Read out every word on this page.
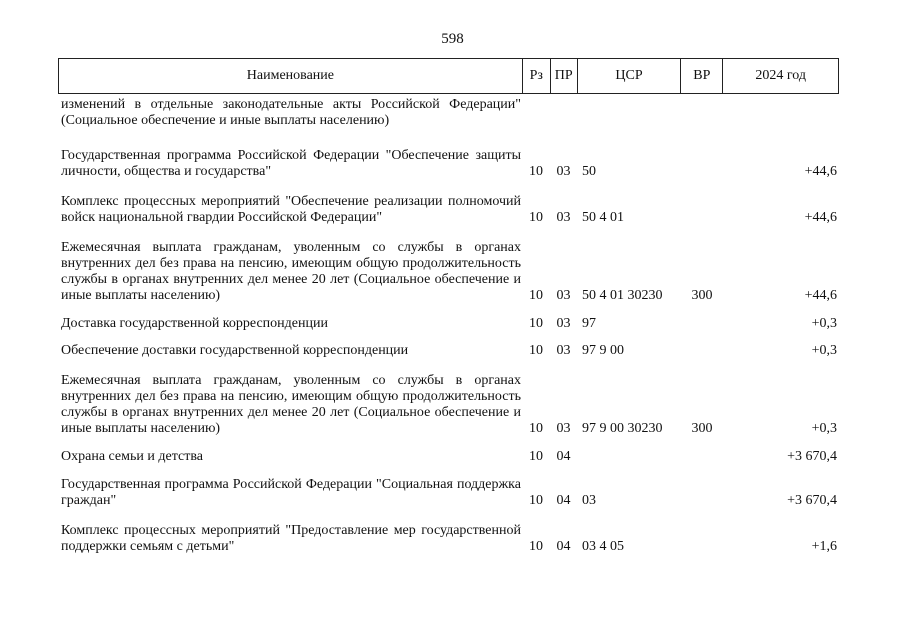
598
Наименование	Рз ПР	ЦСР	ВР	2024 год
изменений в отдельные законодательные акты Российской Федерации" (Социальное обеспечение и иные выплаты населению)
Государственная программа Российской Федерации "Обеспечение защиты личности, общества и государства"	10 03 50	+44,6
Комплекс процессных мероприятий "Обеспечение реализации полномочий войск национальной гвардии Российской Федерации"	10 03 50 4 01	+44,6
Ежемесячная выплата гражданам, уволенным со службы в органах внутренних дел без права на пенсию, имеющим общую продолжительность службы в органах внутренних дел менее 20 лет (Социальное обеспечение и иные выплаты населению)	10 03 50 4 01 30230	300	+44,6
Доставка государственной корреспонденции	10 03 97	+0,3
Обеспечение доставки государственной корреспонденции	10 03 97 9 00	+0,3
Ежемесячная выплата гражданам, уволенным со службы в органах внутренних дел без права на пенсию, имеющим общую продолжительность службы в органах внутренних дел менее 20 лет (Социальное обеспечение и иные выплаты населению)	10 03 97 9 00 30230	300	+0,3
Охрана семьи и детства	10 04	+3 670,4
Государственная программа Российской Федерации "Социальная поддержка граждан"	10 04 03	+3 670,4
Комплекс процессных мероприятий "Предоставление мер государственной поддержки семьям с детьми"	10 04 03 4 05	+1,6
